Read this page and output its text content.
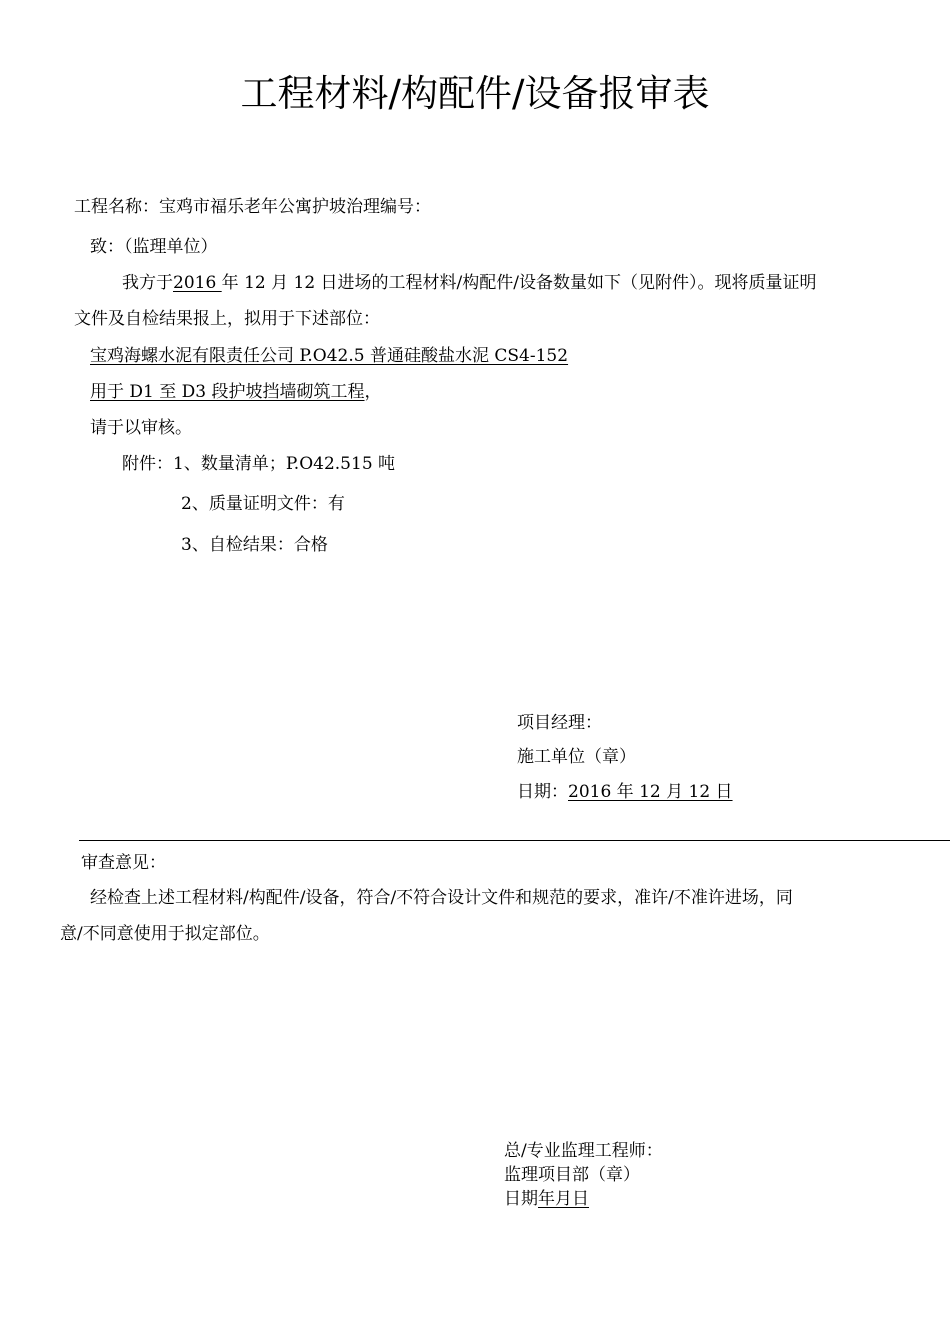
工程材料/构配件/设备报审表
工程名称：宝鸡市福乐老年公寓护坡治理编号：
致：（监理单位）
我方于2016 年 12 月 12 日进场的工程材料/构配件/设备数量如下（见附件）。现将质量证明
文件及自检结果报上，拟用于下述部位：
宝鸡海螺水泥有限责任公司 P.O42.5 普通硅酸盐水泥 CS4-152
用于 D1 至 D3 段护坡挡墙砌筑工程，
请于以审核。
附件：1、数量清单；P.O42.515 吨
2、质量证明文件：有
3、自检结果：合格
项目经理：
施工单位（章）
日期：2016 年 12 月 12 日
审查意见：
经检查上述工程材料/构配件/设备，符合/不符合设计文件和规范的要求，准许/不准许进场，同
意/不同意使用于拟定部位。
总/专业监理工程师：
监理项目部（章）
日期年月日
